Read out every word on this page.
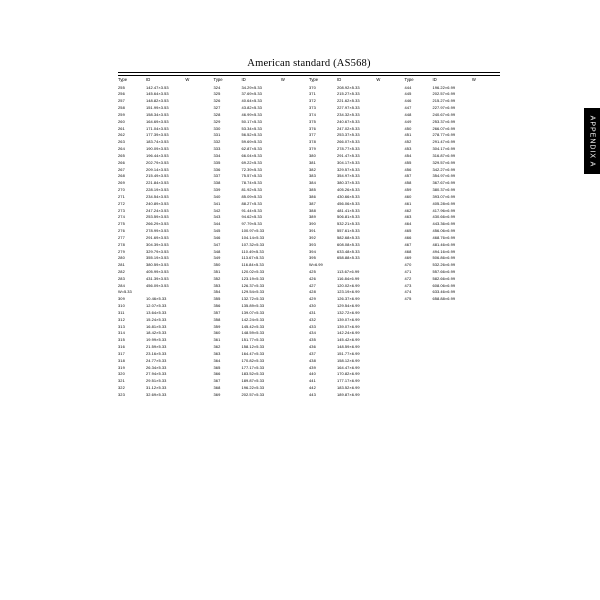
American standard (AS568)
Type	ID	W
255	142.47×3.53	
256	145.64×3.53	
257	148.82×3.53	
258	151.99×3.53	
259	158.34×3.53	
260	164.69×3.53	
261	171.04×3.53	
262	177.39×3.53	
263	183.74×3.53	
264	190.09×3.53	
265	196.44×3.53	
266	202.79×3.53	
267	209.14×3.53	
268	215.49×3.53	
269	221.84×3.53	
270	228.19×3.53	
271	234.54×3.53	
272	240.89×3.53	
273	247.24×3.53	
274	253.59×3.53	
275	266.29×3.53	
276	278.99×3.53	
277	291.69×3.53	
278	304.39×3.53	
279	329.79×3.53	
280	355.19×3.53	
281	380.59×3.53	
282	405.99×3.53	
283	431.39×3.53	
284	456.09×3.53	
W=5.33		
309	10.46×5.33	
310	12.07×5.33	
311	13.64×5.33	
312	15.24×5.33	
313	16.81×5.33	
314	18.42×5.33	
315	19.99×5.33	
316	21.59×5.33	
317	23.16×5.33	
318	24.77×5.33	
319	26.34×5.33	
320	27.94×5.33	
321	29.51×5.33	
322	31.12×5.33	
323	32.69×5.33	
Type	ID	W
324	34.29×5.33	
325	37.69×5.33	
326	40.64×5.33	
327	43.82×5.33	
328	46.99×5.33	
329	50.17×5.33	
330	53.34×5.33	
331	56.52×5.33	
332	59.69×5.33	
333	62.87×5.33	
334	66.04×5.33	
335	69.22×5.33	
336	72.39×5.33	
337	75.57×5.33	
338	78.74×5.33	
339	81.92×5.33	
340	85.09×5.33	
341	88.27×5.33	
342	91.44×5.33	
343	94.62×5.33	
344	97.79×5.33	
345	100.97×5.33	
346	104.14×5.33	
347	107.32×5.33	
348	110.49×5.33	
349	113.67×5.33	
350	116.84×5.33	
351	120.02×5.33	
352	123.19×5.33	
353	126.37×5.33	
354	129.54×5.33	
355	132.72×5.33	
356	135.89×5.33	
357	139.07×5.33	
358	142.24×5.33	
359	145.42×5.33	
360	148.59×5.33	
361	151.77×5.33	
362	158.12×5.33	
363	164.47×5.33	
364	170.82×5.33	
365	177.17×5.33	
366	183.52×5.33	
367	189.87×5.33	
368	196.22×5.33	
369	202.57×5.33	
Type	ID	W
370	208.92×5.33	
371	215.27×5.33	
372	221.62×5.33	
373	227.97×5.33	
374	234.32×5.33	
375	240.67×5.33	
376	247.02×5.33	
377	253.37×5.33	
378	266.07×5.33	
379	278.77×5.33	
380	291.47×5.33	
381	304.17×5.33	
382	329.57×5.33	
383	354.97×5.33	
384	380.37×5.33	
385	405.26×5.33	
386	430.66×5.33	
387	456.06×5.33	
388	481.41×5.33	
389	506.81×5.33	
390	532.21×5.33	
391	557.61×5.33	
392	582.68×5.33	
393	608.08×5.33	
394	633.48×5.33	
395	658.88×5.33	
W=6.99		
425	113.67×6.99	
426	116.84×6.99	
427	120.02×6.99	
428	123.19×6.99	
429	126.37×6.99	
430	129.54×6.99	
431	132.72×6.99	
432	139.07×6.99	
433	139.07×6.99	
434	142.24×6.99	
435	145.42×6.99	
436	148.59×6.99	
437	151.77×6.99	
438	158.12×6.99	
439	164.47×6.99	
440	170.82×6.99	
441	177.17×6.99	
442	183.52×6.99	
443	189.87×6.99	
Type	ID	W
444	196.22×6.99	
445	202.57×6.99	
446	215.27×6.99	
447	227.97×6.99	
448	240.67×6.99	
449	253.37×6.99	
450	266.07×6.99	
451	278.77×6.99	
452	291.47×6.99	
453	304.17×6.99	
454	316.87×6.99	
455	329.57×6.99	
456	342.27×6.99	
457	354.97×6.99	
458	367.67×6.99	
459	380.37×6.99	
460	393.07×6.99	
461	405.28×6.99	
462	417.96×6.99	
463	430.66×6.99	
464	443.36×6.99	
465	456.06×6.99	
466	468.76×6.99	
467	481.46×6.99	
468	494.16×6.99	
469	506.86×6.99	
470	532.26×6.99	
471	557.66×6.99	
472	582.66×6.99	
473	608.06×6.99	
474	633.46×6.99	
475	658.88×6.99	
APPENDIX A
